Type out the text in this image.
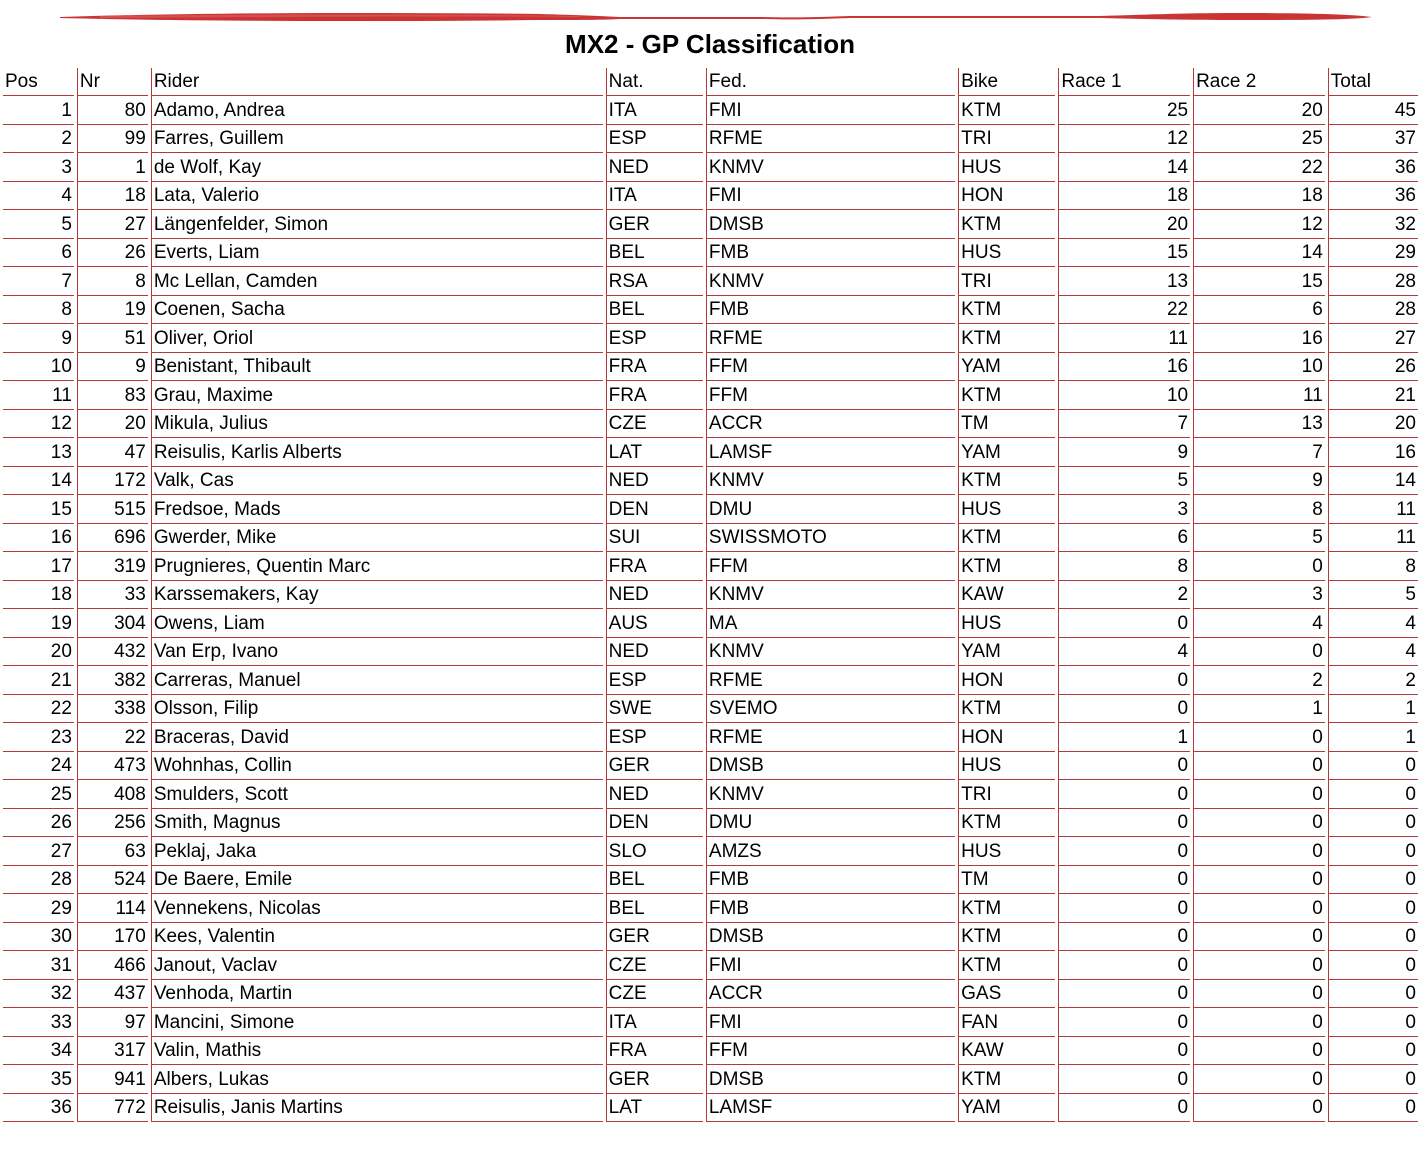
MX2 - GP Classification
Pos	Nr	Rider	Nat.	Fed.	Bike	Race 1	Race 2	Total
1	80	Adamo, Andrea	ITA	FMI	KTM	25	20	45
2	99	Farres, Guillem	ESP	RFME	TRI	12	25	37
3	1	de Wolf, Kay	NED	KNMV	HUS	14	22	36
4	18	Lata, Valerio	ITA	FMI	HON	18	18	36
5	27	Längenfelder, Simon	GER	DMSB	KTM	20	12	32
6	26	Everts, Liam	BEL	FMB	HUS	15	14	29
7	8	Mc Lellan, Camden	RSA	KNMV	TRI	13	15	28
8	19	Coenen, Sacha	BEL	FMB	KTM	22	6	28
9	51	Oliver, Oriol	ESP	RFME	KTM	11	16	27
10	9	Benistant, Thibault	FRA	FFM	YAM	16	10	26
11	83	Grau, Maxime	FRA	FFM	KTM	10	11	21
12	20	Mikula, Julius	CZE	ACCR	TM	7	13	20
13	47	Reisulis, Karlis Alberts	LAT	LAMSF	YAM	9	7	16
14	172	Valk, Cas	NED	KNMV	KTM	5	9	14
15	515	Fredsoe, Mads	DEN	DMU	HUS	3	8	11
16	696	Gwerder, Mike	SUI	SWISSMOTO	KTM	6	5	11
17	319	Prugnieres, Quentin Marc	FRA	FFM	KTM	8	0	8
18	33	Karssemakers, Kay	NED	KNMV	KAW	2	3	5
19	304	Owens, Liam	AUS	MA	HUS	0	4	4
20	432	Van Erp, Ivano	NED	KNMV	YAM	4	0	4
21	382	Carreras, Manuel	ESP	RFME	HON	0	2	2
22	338	Olsson, Filip	SWE	SVEMO	KTM	0	1	1
23	22	Braceras, David	ESP	RFME	HON	1	0	1
24	473	Wohnhas, Collin	GER	DMSB	HUS	0	0	0
25	408	Smulders, Scott	NED	KNMV	TRI	0	0	0
26	256	Smith, Magnus	DEN	DMU	KTM	0	0	0
27	63	Peklaj, Jaka	SLO	AMZS	HUS	0	0	0
28	524	De Baere, Emile	BEL	FMB	TM	0	0	0
29	114	Vennekens, Nicolas	BEL	FMB	KTM	0	0	0
30	170	Kees, Valentin	GER	DMSB	KTM	0	0	0
31	466	Janout, Vaclav	CZE	FMI	KTM	0	0	0
32	437	Venhoda, Martin	CZE	ACCR	GAS	0	0	0
33	97	Mancini, Simone	ITA	FMI	FAN	0	0	0
34	317	Valin, Mathis	FRA	FFM	KAW	0	0	0
35	941	Albers, Lukas	GER	DMSB	KTM	0	0	0
36	772	Reisulis, Janis Martins	LAT	LAMSF	YAM	0	0	0
